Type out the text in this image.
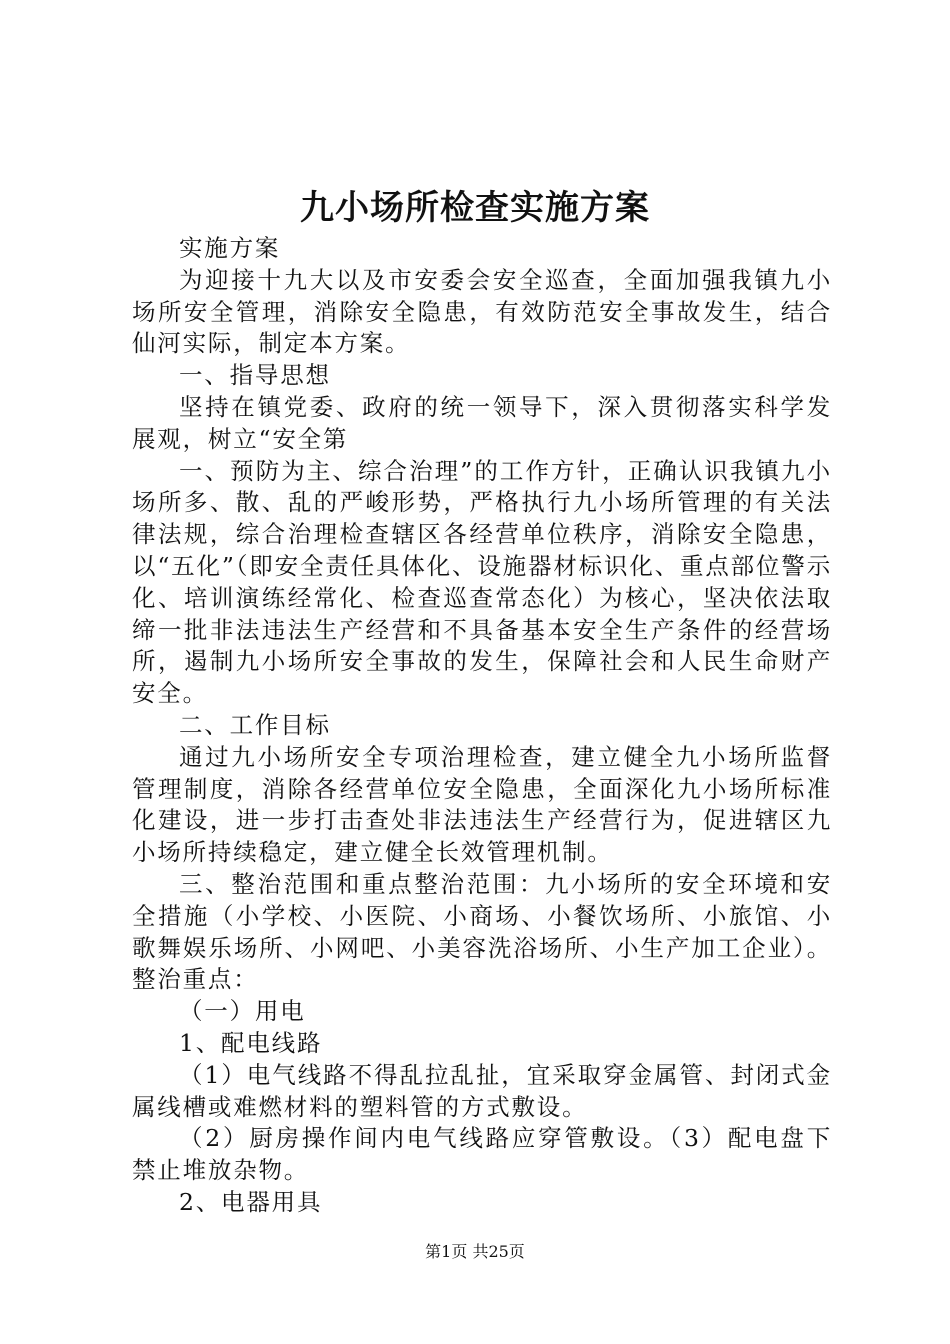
九小场所检查实施方案

实施方案

为迎接十九大以及市安委会安全巡查，全面加强我镇九小场所安全管理，消除安全隐患，有效防范安全事故发生，结合仙河实际，制定本方案。

一、指导思想

坚持在镇党委、政府的统一领导下，深入贯彻落实科学发展观，树立“安全第

一、预防为主、综合治理”的工作方针，正确认识我镇九小场所多、散、乱的严峻形势，严格执行九小场所管理的有关法律法规，综合治理检查辖区各经营单位秩序，消除安全隐患，以“五化”（即安全责任具体化、设施器材标识化、重点部位警示化、培训演练经常化、检查巡查常态化）为核心，坚决依法取缔一批非法违法生产经营和不具备基本安全生产条件的经营场所，遏制九小场所安全事故的发生，保障社会和人民生命财产安全。

二、工作目标

通过九小场所安全专项治理检查，建立健全九小场所监督管理制度，消除各经营单位安全隐患，全面深化九小场所标准化建设，进一步打击查处非法违法生产经营行为，促进辖区九小场所持续稳定，建立健全长效管理机制。

三、整治范围和重点整治范围：九小场所的安全环境和安全措施（小学校、小医院、小商场、小餐饮场所、小旅馆、小歌舞娱乐场所、小网吧、小美容洗浴场所、小生产加工企业）。整治重点：

（一）用电

1、配电线路

（1）电气线路不得乱拉乱扯，宜采取穿金属管、封闭式金属线槽或难燃材料的塑料管的方式敷设。

（2）厨房操作间内电气线路应穿管敷设。（3）配电盘下禁止堆放杂物。

2、电器用具

第1页 共25页
